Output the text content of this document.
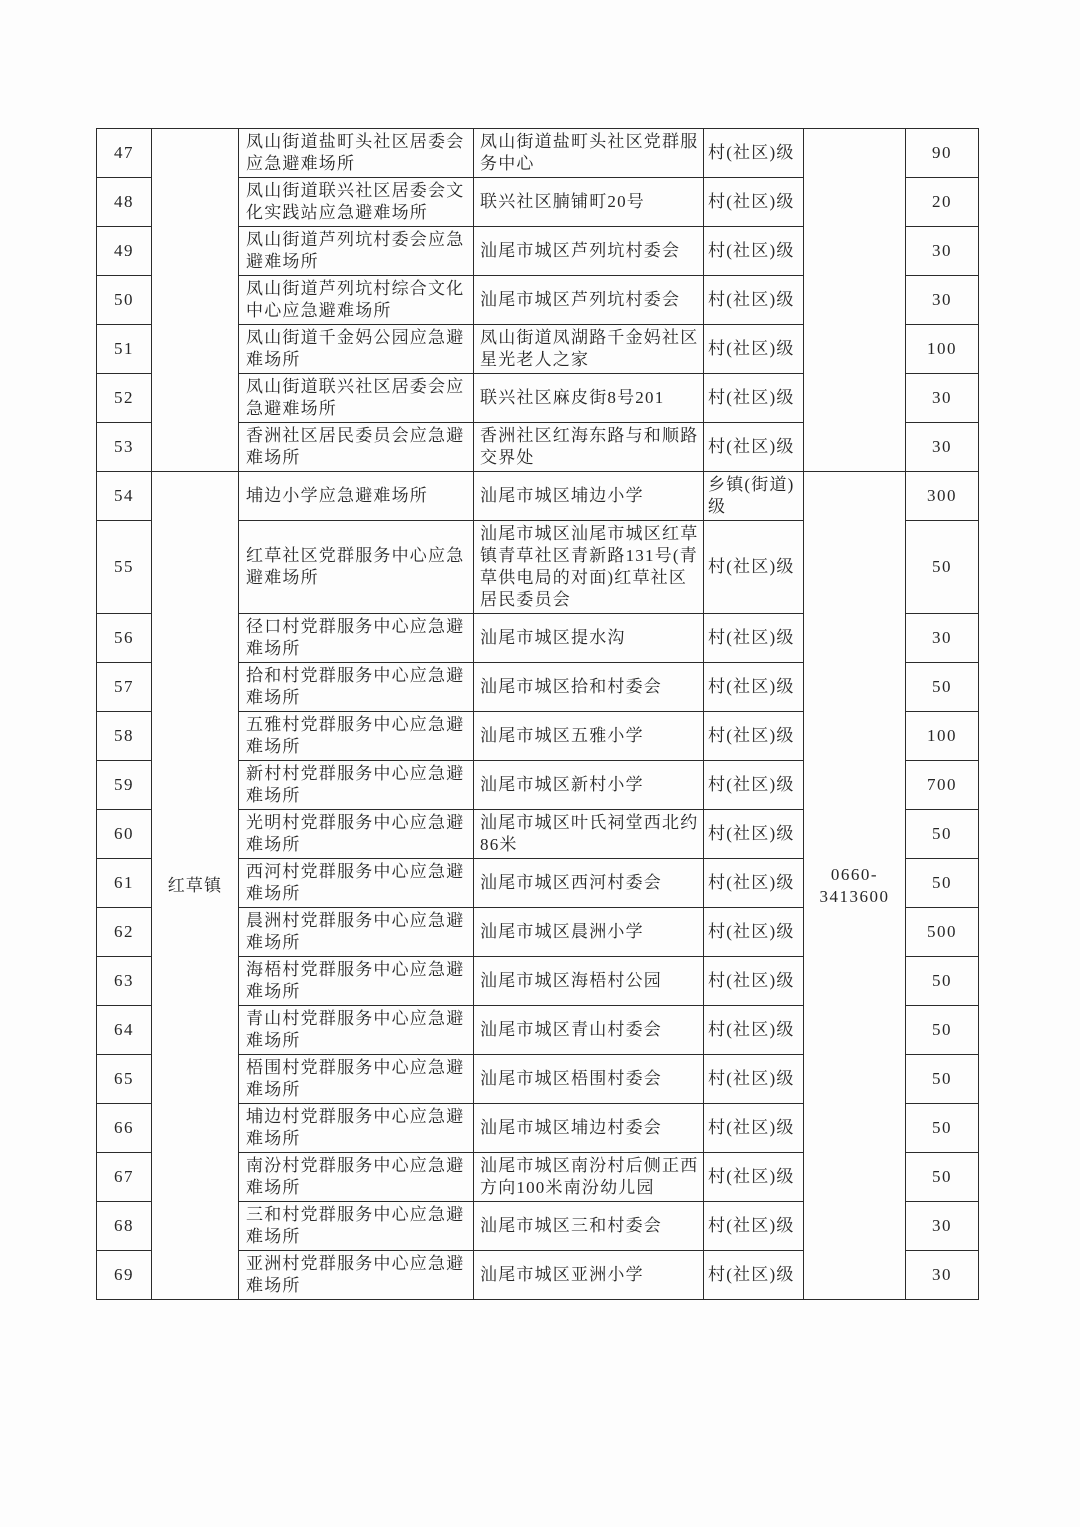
47		凤山街道盐町头社区居委会应急避难场所	凤山街道盐町头社区党群服务中心	村(社区)级		90
48		凤山街道联兴社区居委会文化实践站应急避难场所	联兴社区腩铺町20号	村(社区)级		20
49		凤山街道芦列坑村委会应急避难场所	汕尾市城区芦列坑村委会	村(社区)级		30
50		凤山街道芦列坑村综合文化中心应急避难场所	汕尾市城区芦列坑村委会	村(社区)级		30
51		凤山街道千金妈公园应急避难场所	凤山街道凤湖路千金妈社区星光老人之家	村(社区)级		100
52		凤山街道联兴社区居委会应急避难场所	联兴社区麻皮街8号201	村(社区)级		30
53		香洲社区居民委员会应急避难场所	香洲社区红海东路与和顺路交界处	村(社区)级		30
54	红草镇	埔边小学应急避难场所	汕尾市城区埔边小学	乡镇(街道)级	0660-3413600	300
55		红草社区党群服务中心应急避难场所	汕尾市城区汕尾市城区红草镇青草社区青新路131号(青草供电局的对面)红草社区居民委员会	村(社区)级		50
56		径口村党群服务中心应急避难场所	汕尾市城区提水沟	村(社区)级		30
57		拾和村党群服务中心应急避难场所	汕尾市城区拾和村委会	村(社区)级		50
58		五雅村党群服务中心应急避难场所	汕尾市城区五雅小学	村(社区)级		100
59		新村村党群服务中心应急避难场所	汕尾市城区新村小学	村(社区)级		700
60		光明村党群服务中心应急避难场所	汕尾市城区叶氏祠堂西北约86米	村(社区)级		50
61		西河村党群服务中心应急避难场所	汕尾市城区西河村委会	村(社区)级		50
62		晨洲村党群服务中心应急避难场所	汕尾市城区晨洲小学	村(社区)级		500
63		海梧村党群服务中心应急避难场所	汕尾市城区海梧村公园	村(社区)级		50
64		青山村党群服务中心应急避难场所	汕尾市城区青山村委会	村(社区)级		50
65		梧围村党群服务中心应急避难场所	汕尾市城区梧围村委会	村(社区)级		50
66		埔边村党群服务中心应急避难场所	汕尾市城区埔边村委会	村(社区)级		50
67		南汾村党群服务中心应急避难场所	汕尾市城区南汾村后侧正西方向100米南汾幼儿园	村(社区)级		50
68		三和村党群服务中心应急避难场所	汕尾市城区三和村委会	村(社区)级		30
69		亚洲村党群服务中心应急避难场所	汕尾市城区亚洲小学	村(社区)级		30
